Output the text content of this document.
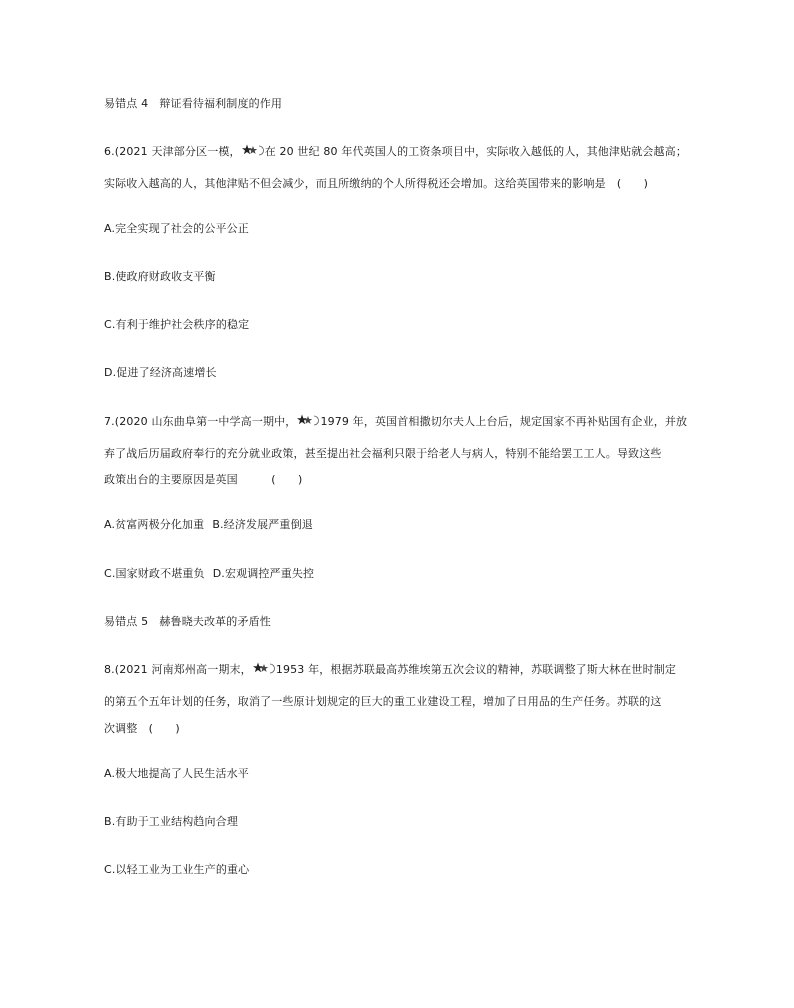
易错点 4　辩证看待福利制度的作用
6.(2021 天津部分区一模， 在 20 世纪 80 年代英国人的工资条项目中，实际收入越低的人，其他津贴就会越高；
实际收入越高的人，其他津贴不但会减少，而且所缴纳的个人所得税还会增加。这给英国带来的影响是　(　　)
A.完全实现了社会的公平公正
B.使政府财政收支平衡
C.有利于维护社会秩序的稳定
D.促进了经济高速增长
7.(2020 山东曲阜第一中学高一期中， 1979 年，英国首相撒切尔夫人上台后，规定国家不再补贴国有企业，并放
弃了战后历届政府奉行的充分就业政策，甚至提出社会福利只限于给老人与病人，特别不能给罢工工人。导致这些
政策出台的主要原因是英国　　　(　　)
A.贫富两极分化加重 B.经济发展严重倒退
C.国家财政不堪重负 D.宏观调控严重失控
易错点 5　赫鲁晓夫改革的矛盾性
8.(2021 河南郑州高一期末， 1953 年，根据苏联最高苏维埃第五次会议的精神，苏联调整了斯大林在世时制定
的第五个五年计划的任务，取消了一些原计划规定的巨大的重工业建设工程，增加了日用品的生产任务。苏联的这
次调整　(　　)
A.极大地提高了人民生活水平
B.有助于工业结构趋向合理
C.以轻工业为工业生产的重心
